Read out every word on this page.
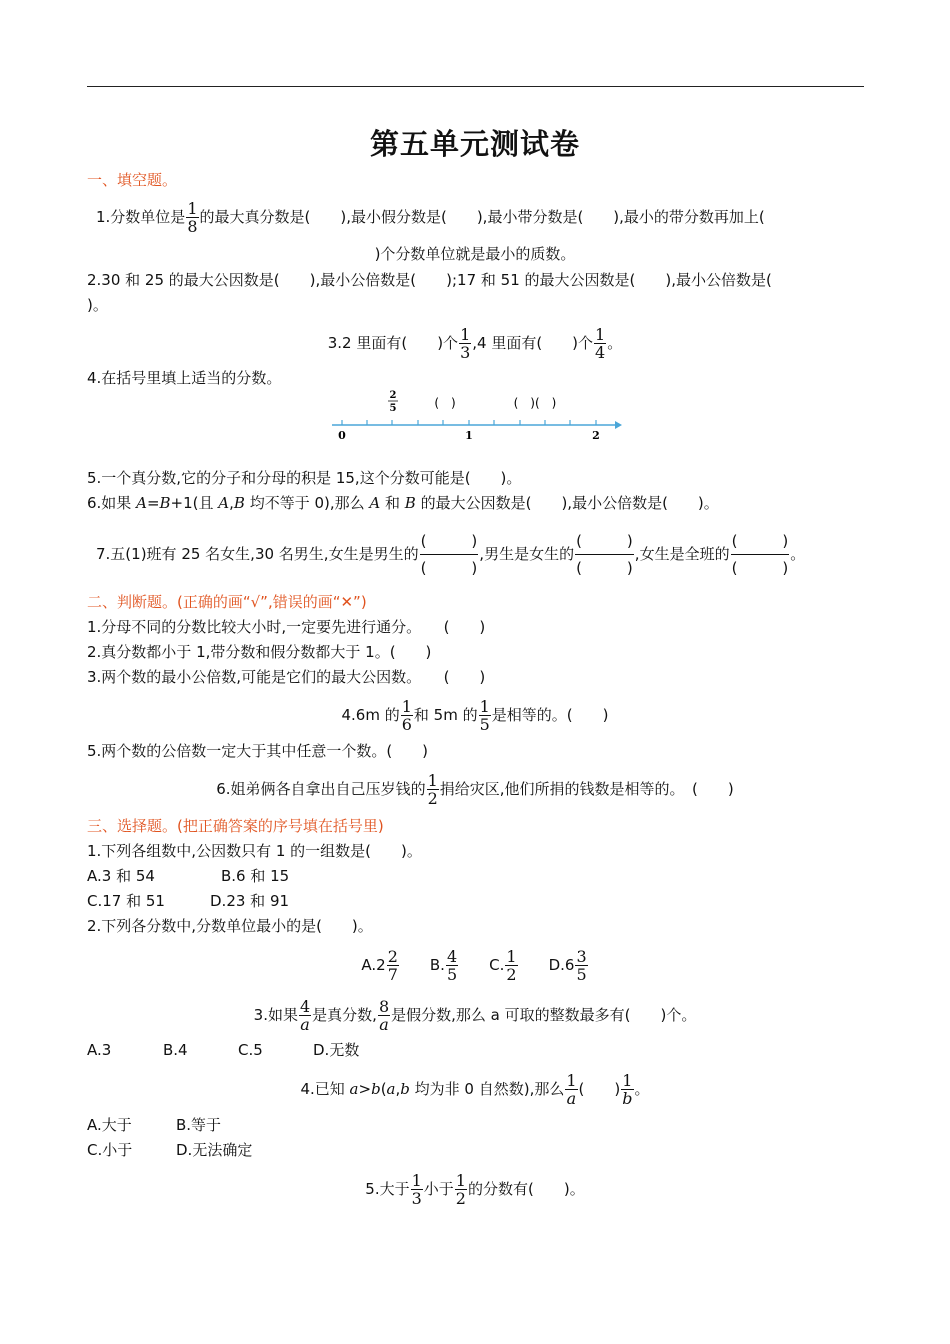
第五单元测试卷
一、填空题。
1.分数单位是 $\frac{1}{8}$ 的最大真分数是(　　),最小假分数是(　　),最小带分数是(　　),最小的带分数再加上(
)个分数单位就是最小的质数。
2.30 和 25 的最大公因数是(　　),最小公倍数是(　　);17 和 51 的最大公因数是(　　),最小公倍数是(
)。
3.2 里面有(　　)个 $\frac{1}{3} ,4$ 里面有(　　)个 $\frac{1}{4}$ 。
4.在括号里填上适当的分数。
0	1	2
2
5	(　)	(　)(　)
5.一个真分数,它的分子和分母的积是 15,这个分数可能是(　　)。
6.如果 A=B+1(且 A,B 均不等于 0),那么 A 和 B 的最大公因数是(　　),最小公倍数是(　　)。
7.五(1)班有 25 名女生,30 名男生,女生是男生的 $\frac{( )}{( )}$ ,男生是女生的 $\frac{( )}{( )}$ ,女生是全班的 $\frac{( )}{( )}$ 。
二、判断题。(正确的画“√”,错误的画“✕”)
1.分母不同的分数比较大小时,一定要先进行通分。　　(　　)
2.真分数都小于 1,带分数和假分数都大于 1。(　　)
3.两个数的最小公倍数,可能是它们的最大公因数。　　(　　)
4.6m 的 $\frac{1}{6}$ 和 5m 的 $\frac{1}{5}$ 是相等的。(　　)
5.两个数的公倍数一定大于其中任意一个数。(　　)
6.姐弟俩各自拿出自己压岁钱的 $\frac{1}{2}$ 捐给灾区,他们所捐的钱数是相等的。　(　　)
三、选择题。(把正确答案的序号填在括号里)
1.下列各组数中,公因数只有 1 的一组数是(　　)。
A.3 和 54	B.6 和 15
C.17 和 51	D.23 和 91
2.下列各分数中,分数单位最小的是(　　)。
$A.2 \frac{2}{7} B$. $\frac{4}{5} C$. $\frac{1}{2} D.6 \frac{3}{5}$
3.如果 $\frac{4}{a}$ 是真分数, $\frac{8}{a}$ 是假分数,那么 a 可取的整数最多有(　　)个。
A.3	B.4	C.5	D.无数
4.已知 a>b(a,b 均为非 0 自然数),那么 $\frac{1}{a}$ (　　) $\frac{1}{b}$ 。
A.大于	B.等于
C.小于	D.无法确定
5.大于 $\frac{1}{3}$ 小于 $\frac{1}{2}$ 的分数有(　　)。
